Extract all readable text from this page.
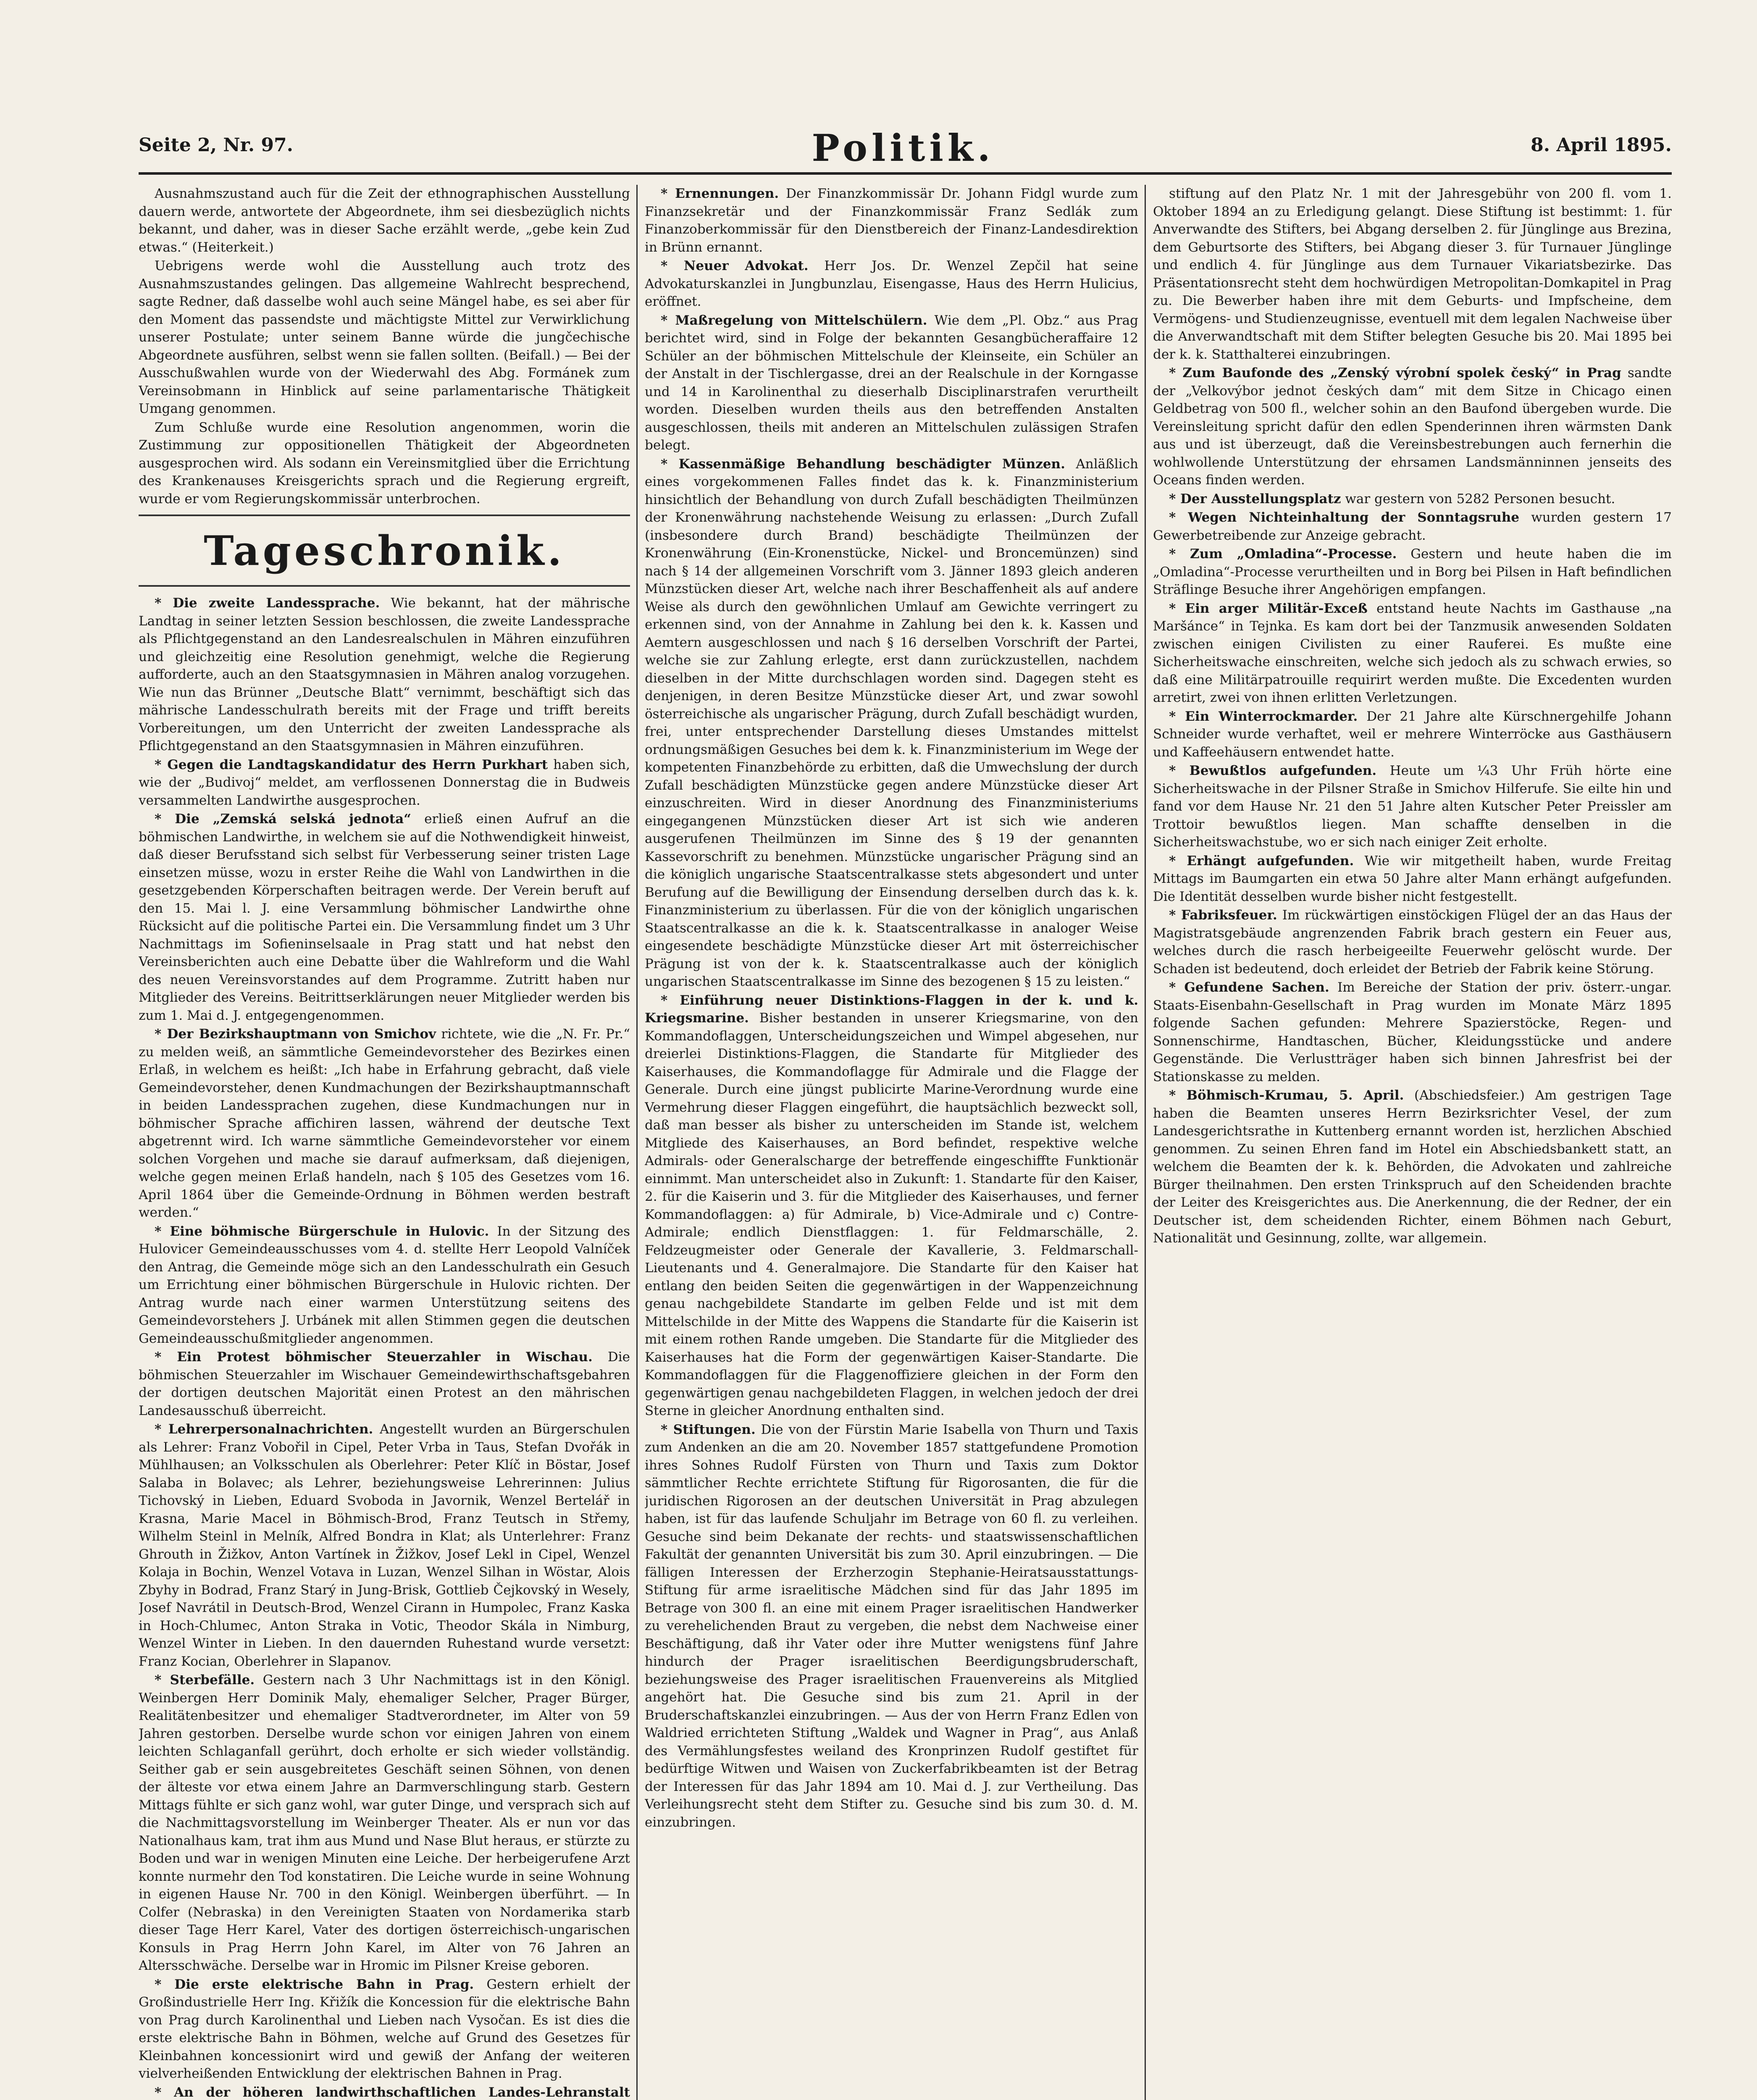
Seite 2, Nr. 97.	Politik.	8. April 1895.

Ausnahmszustand auch für die Zeit der ethnographischen Ausstellung dauern werde, antwortete der Abgeordnete, ihm sei diesbezüglich nichts bekannt, und daher, was in dieser Sache erzählt werde, „gebe kein Zud etwas.“ (Heiterkeit.)

Uebrigens werde wohl die Ausstellung auch trotz des Ausnahmszustandes gelingen. Das allgemeine Wahlrecht besprechend, sagte Redner, daß dasselbe wohl auch seine Mängel habe, es sei aber für den Moment das passendste und mächtigste Mittel zur Verwirklichung unserer Postulate; unter seinem Banne würde die jungčechische Abgeordnete ausführen, selbst wenn sie fallen sollten. (Beifall.) — Bei der Ausschußwahlen wurde von der Wiederwahl des Abg. Formánek zum Vereinsobmann in Hinblick auf seine parlamentarische Thätigkeit Umgang genommen.

Zum Schluße wurde eine Resolution angenommen, worin die Zustimmung zur oppositionellen Thätigkeit der Abgeordneten ausgesprochen wird. Als sodann ein Vereinsmitglied über die Errichtung des Krankenauses Kreisgerichts sprach und die Regierung ergreift, wurde er vom Regierungskommissär unterbrochen.

Tageschronik.

* Die zweite Landessprache. Wie bekannt, hat der mährische Landtag in seiner letzten Session beschlossen, die zweite Landessprache als Pflichtgegenstand an den Landesrealschulen in Mähren einzuführen und gleichzeitig eine Resolution genehmigt, welche die Regierung aufforderte, auch an den Staatsgymnasien in Mähren analog vorzugehen. Wie nun das Brünner „Deutsche Blatt“ vernimmt, beschäftigt sich das mährische Landesschulrath bereits mit der Frage und trifft bereits Vorbereitungen, um den Unterricht der zweiten Landessprache als Pflichtgegenstand an den Staatsgymnasien in Mähren einzuführen.

* Gegen die Landtagskandidatur des Herrn Purkhart haben sich, wie der „Budivoj“ meldet, am verflossenen Donnerstag die in Budweis versammelten Landwirthe ausgesprochen.

* Die „Zemská selská jednota“ erließ einen Aufruf an die böhmischen Landwirthe, in welchem sie auf die Nothwendigkeit hinweist, daß dieser Berufsstand sich selbst für Verbesserung seiner tristen Lage einsetzen müsse, wozu in erster Reihe die Wahl von Landwirthen in die gesetzgebenden Körperschaften beitragen werde. Der Verein beruft auf den 15. Mai l. J. eine Versammlung böhmischer Landwirthe ohne Rücksicht auf die politische Partei ein. Die Versammlung findet um 3 Uhr Nachmittags im Sofieninselsaale in Prag statt und hat nebst den Vereinsberichten auch eine Debatte über die Wahlreform und die Wahl des neuen Vereinsvorstandes auf dem Programme. Zutritt haben nur Mitglieder des Vereins. Beitrittserklärungen neuer Mitglieder werden bis zum 1. Mai d. J. entgegengenommen.

* Der Bezirkshauptmann von Smichov richtete, wie die „N. Fr. Pr.“ zu melden weiß, an sämmtliche Gemeindevorsteher des Bezirkes einen Erlaß, in welchem es heißt: „Ich habe in Erfahrung gebracht, daß viele Gemeindevorsteher, denen Kundmachungen der Bezirkshauptmannschaft in beiden Landessprachen zugehen, diese Kundmachungen nur in böhmischer Sprache affichiren lassen, während der deutsche Text abgetrennt wird. Ich warne sämmtliche Gemeindevorsteher vor einem solchen Vorgehen und mache sie darauf aufmerksam, daß diejenigen, welche gegen meinen Erlaß handeln, nach § 105 des Gesetzes vom 16. April 1864 über die Gemeinde-Ordnung in Böhmen werden bestraft werden.“

* Eine böhmische Bürgerschule in Hulovic. In der Sitzung des Hulovicer Gemeindeausschusses vom 4. d. stellte Herr Leopold Valníček den Antrag, die Gemeinde möge sich an den Landesschulrath ein Gesuch um Errichtung einer böhmischen Bürgerschule in Hulovic richten. Der Antrag wurde nach einer warmen Unterstützung seitens des Gemeindevorstehers J. Urbánek mit allen Stimmen gegen die deutschen Gemeindeausschußmitglieder angenommen.

* Ein Protest böhmischer Steuerzahler in Wischau. Die böhmischen Steuerzahler im Wischauer Gemeindewirthschaftsgebahren der dortigen deutschen Majorität einen Protest an den mährischen Landesausschuß überreicht.

* Lehrerpersonalnachrichten. Angestellt wurden an Bürgerschulen als Lehrer: Franz Vobořil in Cipel, Peter Vrba in Taus, Stefan Dvořák in Mühlhausen; an Volksschulen als Oberlehrer: Peter Klíč in Böstar, Josef Salaba in Bolavec; als Lehrer, beziehungsweise Lehrerinnen: Julius Tichovský in Lieben, Eduard Svoboda in Javornik, Wenzel Bertelář in Krasna, Marie Macel in Böhmisch-Brod, Franz Teutsch in Střemy, Wilhelm Steinl in Melník, Alfred Bondra in Klat; als Unterlehrer: Franz Ghrouth in Žižkov, Anton Vartínek in Žižkov, Josef Lekl in Cipel, Wenzel Kolaja in Bochin, Wenzel Votava in Luzan, Wenzel Silhan in Wöstar, Alois Zbyhy in Bodrad, Franz Starý in Jung-Brisk, Gottlieb Čejkovský in Wesely, Josef Navrátil in Deutsch-Brod, Wenzel Cirann in Humpolec, Franz Kaska in Hoch-Chlumec, Anton Straka in Votic, Theodor Skála in Nimburg, Wenzel Winter in Lieben. In den dauernden Ruhestand wurde versetzt: Franz Kocian, Oberlehrer in Slapanov.

* Sterbefälle. Gestern nach 3 Uhr Nachmittags ist in den Königl. Weinbergen Herr Dominik Maly, ehemaliger Selcher, Prager Bürger, Realitätenbesitzer und ehemaliger Stadtverordneter, im Alter von 59 Jahren gestorben. Derselbe wurde schon vor einigen Jahren von einem leichten Schlaganfall gerührt, doch erholte er sich wieder vollständig. Seither gab er sein ausgebreitetes Geschäft seinen Söhnen, von denen der älteste vor etwa einem Jahre an Darmverschlingung starb. Gestern Mittags fühlte er sich ganz wohl, war guter Dinge, und versprach sich auf die Nachmittagsvorstellung im Weinberger Theater. Als er nun vor das Nationalhaus kam, trat ihm aus Mund und Nase Blut heraus, er stürzte zu Boden und war in wenigen Minuten eine Leiche. Der herbeigerufene Arzt konnte nurmehr den Tod konstatiren. Die Leiche wurde in seine Wohnung in eigenen Hause Nr. 700 in den Königl. Weinbergen überführt. — In Colfer (Nebraska) in den Vereinigten Staaten von Nordamerika starb dieser Tage Herr Karel, Vater des dortigen österreichisch-ungarischen Konsuls in Prag Herrn John Karel, im Alter von 76 Jahren an Altersschwäche. Derselbe war in Hromic im Pilsner Kreise geboren.

* Die erste elektrische Bahn in Prag. Gestern erhielt der Großindustrielle Herr Ing. Křižík die Koncession für die elektrische Bahn von Prag durch Karolinenthal und Lieben nach Vysočan. Es ist dies die erste elektrische Bahn in Böhmen, welche auf Grund des Gesetzes für Kleinbahnen koncessionirt wird und gewiß der Anfang der weiteren vielverheißenden Entwicklung der elektrischen Bahnen in Prag.

* An der höheren landwirthschaftlichen Landes-Lehranstalt

* Ernennungen. Der Finanzkommissär Dr. Johann Fidgl wurde zum Finanzsekretär und der Finanzkommissär Franz Sedlák zum Finanzoberkommissär für den Dienstbereich der Finanz-Landesdirektion in Brünn ernannt.

* Neuer Advokat. Herr Jos. Dr. Wenzel Zepčil hat seine Advokaturskanzlei in Jungbunzlau, Eisengasse, Haus des Herrn Hulicius, eröffnet.

* Maßregelung von Mittelschülern. Wie dem „Pl. Obz.“ aus Prag berichtet wird, sind in Folge der bekannten Gesangbücheraffaire 12 Schüler an der böhmischen Mittelschule der Kleinseite, ein Schüler an der Anstalt in der Tischlergasse, drei an der Realschule in der Korngasse und 14 in Karolinenthal zu dieserhalb Disciplinarstrafen verurtheilt worden. Dieselben wurden theils aus den betreffenden Anstalten ausgeschlossen, theils mit anderen an Mittelschulen zulässigen Strafen belegt.

* Kassenmäßige Behandlung beschädigter Münzen. Anläßlich eines vorgekommenen Falles findet das k. k. Finanzministerium hinsichtlich der Behandlung von durch Zufall beschädigten Theilmünzen der Kronenwährung nachstehende Weisung zu erlassen: „Durch Zufall (insbesondere durch Brand) beschädigte Theilmünzen der Kronenwährung (Ein-Kronenstücke, Nickel- und Broncemünzen) sind nach § 14 der allgemeinen Vorschrift vom 3. Jänner 1893 gleich anderen Münzstücken dieser Art, welche nach ihrer Beschaffenheit als auf andere Weise als durch den gewöhnlichen Umlauf am Gewichte verringert zu erkennen sind, von der Annahme in Zahlung bei den k. k. Kassen und Aemtern ausgeschlossen und nach § 16 derselben Vorschrift der Partei, welche sie zur Zahlung erlegte, erst dann zurückzustellen, nachdem dieselben in der Mitte durchschlagen worden sind. Dagegen steht es denjenigen, in deren Besitze Münzstücke dieser Art, und zwar sowohl österreichische als ungarischer Prägung, durch Zufall beschädigt wurden, frei, unter entsprechender Darstellung dieses Umstandes mittelst ordnungsmäßigen Gesuches bei dem k. k. Finanzministerium im Wege der kompetenten Finanzbehörde zu erbitten, daß die Umwechslung der durch Zufall beschädigten Münzstücke gegen andere Münzstücke dieser Art einzuschreiten. Wird in dieser Anordnung des Finanzministeriums eingegangenen Münzstücken dieser Art ist sich wie anderen ausgerufenen Theilmünzen im Sinne des § 19 der genannten Kassevorschrift zu benehmen. Münzstücke ungarischer Prägung sind an die königlich ungarische Staatscentralkasse stets abgesondert und unter Berufung auf die Bewilligung der Einsendung derselben durch das k. k. Finanzministerium zu überlassen. Für die von der königlich ungarischen Staatscentralkasse an die k. k. Staatscentralkasse in analoger Weise eingesendete beschädigte Münzstücke dieser Art mit österreichischer Prägung ist von der k. k. Staatscentralkasse auch der königlich ungarischen Staatscentralkasse im Sinne des bezogenen § 15 zu leisten.“

* Einführung neuer Distinktions-Flaggen in der k. und k. Kriegsmarine. Bisher bestanden in unserer Kriegsmarine, von den Kommandoflaggen, Unterscheidungszeichen und Wimpel abgesehen, nur dreierlei Distinktions-Flaggen, die Standarte für Mitglieder des Kaiserhauses, die Kommandoflagge für Admirale und die Flagge der Generale. Durch eine jüngst publicirte Marine-Verordnung wurde eine Vermehrung dieser Flaggen eingeführt, die hauptsächlich bezweckt soll, daß man besser als bisher zu unterscheiden im Stande ist, welchem Mitgliede des Kaiserhauses, an Bord befindet, respektive welche Admirals- oder Generalscharge der betreffende eingeschiffte Funktionär einnimmt. Man unterscheidet also in Zukunft: 1. Standarte für den Kaiser, 2. für die Kaiserin und 3. für die Mitglieder des Kaiserhauses, und ferner Kommandoflaggen: a) für Admirale, b) Vice-Admirale und c) Contre-Admirale; endlich Dienstflaggen: 1. für Feldmarschälle, 2. Feldzeugmeister oder Generale der Kavallerie, 3. Feldmarschall-Lieutenants und 4. Generalmajore. Die Standarte für den Kaiser hat entlang den beiden Seiten die gegenwärtigen in der Wappenzeichnung genau nachgebildete Standarte im gelben Felde und ist mit dem Mittelschilde in der Mitte des Wappens die Standarte für die Kaiserin ist mit einem rothen Rande umgeben. Die Standarte für die Mitglieder des Kaiserhauses hat die Form der gegenwärtigen Kaiser-Standarte. Die Kommandoflaggen für die Flaggenoffiziere gleichen in der Form den gegenwärtigen genau nachgebildeten Flaggen, in welchen jedoch der drei Sterne in gleicher Anordnung enthalten sind.

* Stiftungen. Die von der Fürstin Marie Isabella von Thurn und Taxis zum Andenken an die am 20. November 1857 stattgefundene Promotion ihres Sohnes Rudolf Fürsten von Thurn und Taxis zum Doktor sämmtlicher Rechte errichtete Stiftung für Rigorosanten, die für die juridischen Rigorosen an der deutschen Universität in Prag abzulegen haben, ist für das laufende Schuljahr im Betrage von 60 fl. zu verleihen. Gesuche sind beim Dekanate der rechts- und staatswissenschaftlichen Fakultät der genannten Universität bis zum 30. April einzubringen. — Die fälligen Interessen der Erzherzogin Stephanie-Heiratsausstattungs-Stiftung für arme israelitische Mädchen sind für das Jahr 1895 im Betrage von 300 fl. an eine mit einem Prager israelitischen Handwerker zu verehelichenden Braut zu vergeben, die nebst dem Nachweise einer Beschäftigung, daß ihr Vater oder ihre Mutter wenigstens fünf Jahre hindurch der Prager israelitischen Beerdigungsbruderschaft, beziehungsweise des Prager israelitischen Frauenvereins als Mitglied angehört hat. Die Gesuche sind bis zum 21. April in der Bruderschaftskanzlei einzubringen. — Aus der von Herrn Franz Edlen von Waldried errichteten Stiftung „Waldek und Wagner in Prag“, aus Anlaß des Vermählungsfestes weiland des Kronprinzen Rudolf gestiftet für bedürftige Witwen und Waisen von Zuckerfabrikbeamten ist der Betrag der Interessen für das Jahr 1894 am 10. Mai d. J. zur Vertheilung. Das Verleihungsrecht steht dem Stifter zu. Gesuche sind bis zum 30. d. M. einzubringen.

stiftung auf den Platz Nr. 1 mit der Jahresgebühr von 200 fl. vom 1. Oktober 1894 an zu Erledigung gelangt. Diese Stiftung ist bestimmt: 1. für Anverwandte des Stifters, bei Abgang derselben 2. für Jünglinge aus Brezina, dem Geburtsorte des Stifters, bei Abgang dieser 3. für Turnauer Jünglinge und endlich 4. für Jünglinge aus dem Turnauer Vikariatsbezirke. Das Präsentationsrecht steht dem hochwürdigen Metropolitan-Domkapitel in Prag zu. Die Bewerber haben ihre mit dem Geburts- und Impfscheine, dem Vermögens- und Studienzeugnisse, eventuell mit dem legalen Nachweise über die Anverwandtschaft mit dem Stifter belegten Gesuche bis 20. Mai 1895 bei der k. k. Statthalterei einzubringen.

* Zum Baufonde des „Zenský výrobní spolek český“ in Prag sandte der „Velkovýbor jednot českých dam“ mit dem Sitze in Chicago einen Geldbetrag von 500 fl., welcher sohin an den Baufond übergeben wurde. Die Vereinsleitung spricht dafür den edlen Spenderinnen ihren wärmsten Dank aus und ist überzeugt, daß die Vereinsbestrebungen auch fernerhin die wohlwollende Unterstützung der ehrsamen Landsmänninnen jenseits des Oceans finden werden.

* Der Ausstellungsplatz war gestern von 5282 Personen besucht.

* Wegen Nichteinhaltung der Sonntagsruhe wurden gestern 17 Gewerbetreibende zur Anzeige gebracht.

* Zum „Omladina“-Processe. Gestern und heute haben die im „Omladina“-Processe verurtheilten und in Borg bei Pilsen in Haft befindlichen Sträflinge Besuche ihrer Angehörigen empfangen.

* Ein arger Militär-Exceß entstand heute Nachts im Gasthause „na Maršánce“ in Tejnka. Es kam dort bei der Tanzmusik anwesenden Soldaten zwischen einigen Civilisten zu einer Rauferei. Es mußte eine Sicherheitswache einschreiten, welche sich jedoch als zu schwach erwies, so daß eine Militärpatrouille requirirt werden mußte. Die Excedenten wurden arretirt, zwei von ihnen erlitten Verletzungen.

* Ein Winterrockmarder. Der 21 Jahre alte Kürschnergehilfe Johann Schneider wurde verhaftet, weil er mehrere Winterröcke aus Gasthäusern und Kaffeehäusern entwendet hatte.

* Bewußtlos aufgefunden. Heute um ¼3 Uhr Früh hörte eine Sicherheitswache in der Pilsner Straße in Smichov Hilferufe. Sie eilte hin und fand vor dem Hause Nr. 21 den 51 Jahre alten Kutscher Peter Preissler am Trottoir bewußtlos liegen. Man schaffte denselben in die Sicherheitswachstube, wo er sich nach einiger Zeit erholte.

* Erhängt aufgefunden. Wie wir mitgetheilt haben, wurde Freitag Mittags im Baumgarten ein etwa 50 Jahre alter Mann erhängt aufgefunden. Die Identität desselben wurde bisher nicht festgestellt.

* Fabriksfeuer. Im rückwärtigen einstöckigen Flügel der an das Haus der Magistratsgebäude angrenzenden Fabrik brach gestern ein Feuer aus, welches durch die rasch herbeigeeilte Feuerwehr gelöscht wurde. Der Schaden ist bedeutend, doch erleidet der Betrieb der Fabrik keine Störung.

* Gefundene Sachen. Im Bereiche der Station der priv. österr.-ungar. Staats-Eisenbahn-Gesellschaft in Prag wurden im Monate März 1895 folgende Sachen gefunden: Mehrere Spazierstöcke, Regen- und Sonnenschirme, Handtaschen, Bücher, Kleidungsstücke und andere Gegenstände. Die Verlustträger haben sich binnen Jahresfrist bei der Stationskasse zu melden.

* Böhmisch-Krumau, 5. April. (Abschiedsfeier.) Am gestrigen Tage haben die Beamten unseres Herrn Bezirksrichter Vesel, der zum Landesgerichtsrathe in Kuttenberg ernannt worden ist, herzlichen Abschied genommen. Zu seinen Ehren fand im Hotel ein Abschiedsbankett statt, an welchem die Beamten der k. k. Behörden, die Advokaten und zahlreiche Bürger theilnahmen. Den ersten Trinkspruch auf den Scheidenden brachte der Leiter des Kreisgerichtes aus. Die Anerkennung, die der Redner, der ein Deutscher ist, dem scheidenden Richter, einem Böhmen nach Geburt, Nationalität und Gesinnung, zollte, war allgemein.
